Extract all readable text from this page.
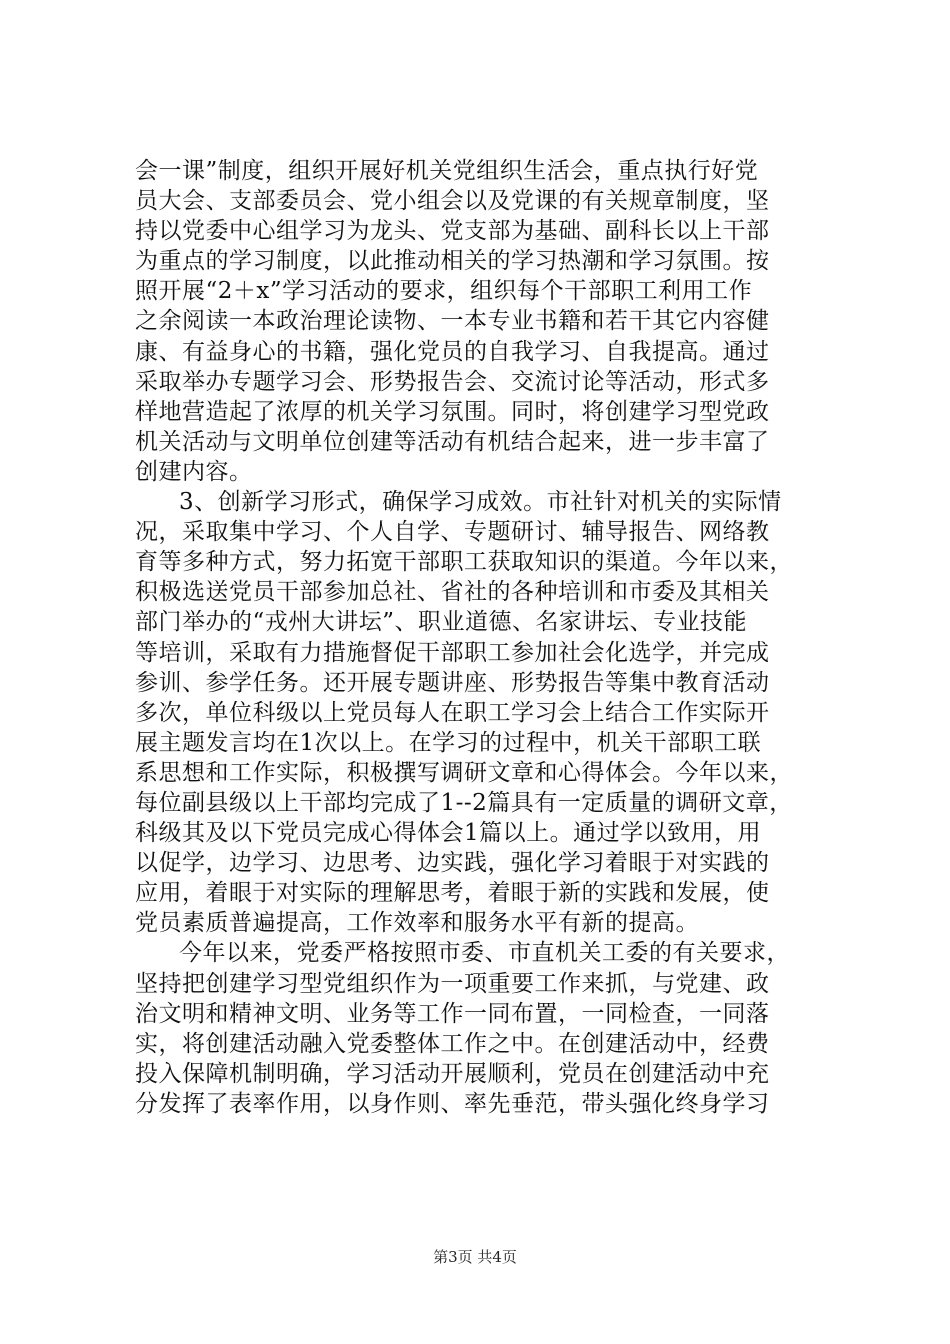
会一课”制度，组织开展好机关党组织生活会，重点执行好党
员大会、支部委员会、党小组会以及党课的有关规章制度，坚
持以党委中心组学习为龙头、党支部为基础、副科长以上干部
为重点的学习制度，以此推动相关的学习热潮和学习氛围。按
照开展“2＋x”学习活动的要求，组织每个干部职工利用工作
之余阅读一本政治理论读物、一本专业书籍和若干其它内容健
康、有益身心的书籍，强化党员的自我学习、自我提高。通过
采取举办专题学习会、形势报告会、交流讨论等活动，形式多
样地营造起了浓厚的机关学习氛围。同时，将创建学习型党政
机关活动与文明单位创建等活动有机结合起来，进一步丰富了
创建内容。
3、创新学习形式，确保学习成效。市社针对机关的实际情
况，采取集中学习、个人自学、专题研讨、辅导报告、网络教
育等多种方式，努力拓宽干部职工获取知识的渠道。今年以来，
积极选送党员干部参加总社、省社的各种培训和市委及其相关
部门举办的“戎州大讲坛”、职业道德、名家讲坛、专业技能
等培训，采取有力措施督促干部职工参加社会化选学，并完成
参训、参学任务。还开展专题讲座、形势报告等集中教育活动
多次，单位科级以上党员每人在职工学习会上结合工作实际开
展主题发言均在1次以上。在学习的过程中，机关干部职工联
系思想和工作实际，积极撰写调研文章和心得体会。今年以来，
每位副县级以上干部均完成了1--2篇具有一定质量的调研文章，
科级其及以下党员完成心得体会1篇以上。通过学以致用，用
以促学，边学习、边思考、边实践，强化学习着眼于对实践的
应用，着眼于对实际的理解思考，着眼于新的实践和发展，使
党员素质普遍提高，工作效率和服务水平有新的提高。
今年以来，党委严格按照市委、市直机关工委的有关要求，
坚持把创建学习型党组织作为一项重要工作来抓，与党建、政
治文明和精神文明、业务等工作一同布置，一同检查，一同落
实，将创建活动融入党委整体工作之中。在创建活动中，经费
投入保障机制明确，学习活动开展顺利，党员在创建活动中充
分发挥了表率作用，以身作则、率先垂范，带头强化终身学习
第3页 共4页
